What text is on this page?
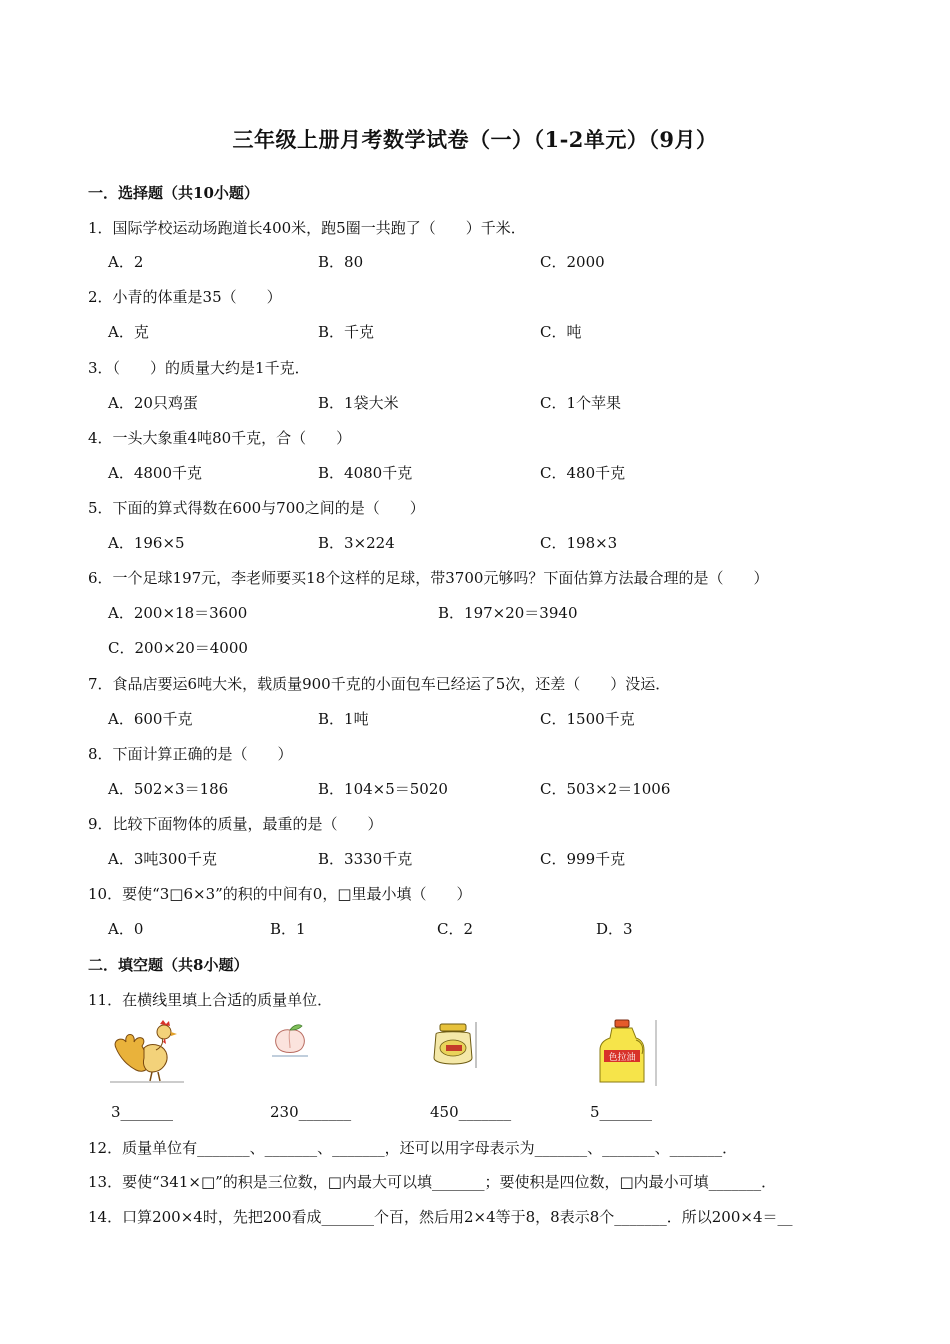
三年级上册月考数学试卷（一）（1-2单元）（9月）
一．选择题（共10小题）
1．国际学校运动场跑道长400米，跑5圈一共跑了（　　）千米．
A．2	B．80	C．2000
2．小青的体重是35（　　）
A．克	B．千克	C．吨
3．（　　）的质量大约是1千克．
A．20只鸡蛋	B．1袋大米	C．1个苹果
4．一头大象重4吨80千克，合（　　）
A．4800千克	B．4080千克	C．480千克
5．下面的算式得数在600与700之间的是（　　）
A．196×5	B．3×224	C．198×3
6．一个足球197元，李老师要买18个这样的足球，带3700元够吗？下面估算方法最合理的是（　　）
A．200×18＝3600	B．197×20＝3940
C．200×20＝4000
7．食品店要运6吨大米，载质量900千克的小面包车已经运了5次，还差（　　）没运．
A．600千克	B．1吨	C．1500千克
8．下面计算正确的是（　　）
A．502×3＝186	B．104×5＝5020	C．503×2＝1006
9．比较下面物体的质量，最重的是（　　）
A．3吨300千克	B．3330千克	C．999千克
10．要使“3□6×3”的积的中间有0，□里最小填（　　）
A．0	B．1	C．2	D．3
二．填空题（共8小题）
11．在横线里填上合适的质量单位．
色拉油
3_______	230_______	450_______	5_______
12．质量单位有_______、_______、_______，还可以用字母表示为_______、_______、_______．
13．要使“341×□”的积是三位数，□内最大可以填_______；要使积是四位数，□内最小可填_______．
14．口算200×4时，先把200看成_______个百，然后用2×4等于8，8表示8个_______．所以200×4＝__
